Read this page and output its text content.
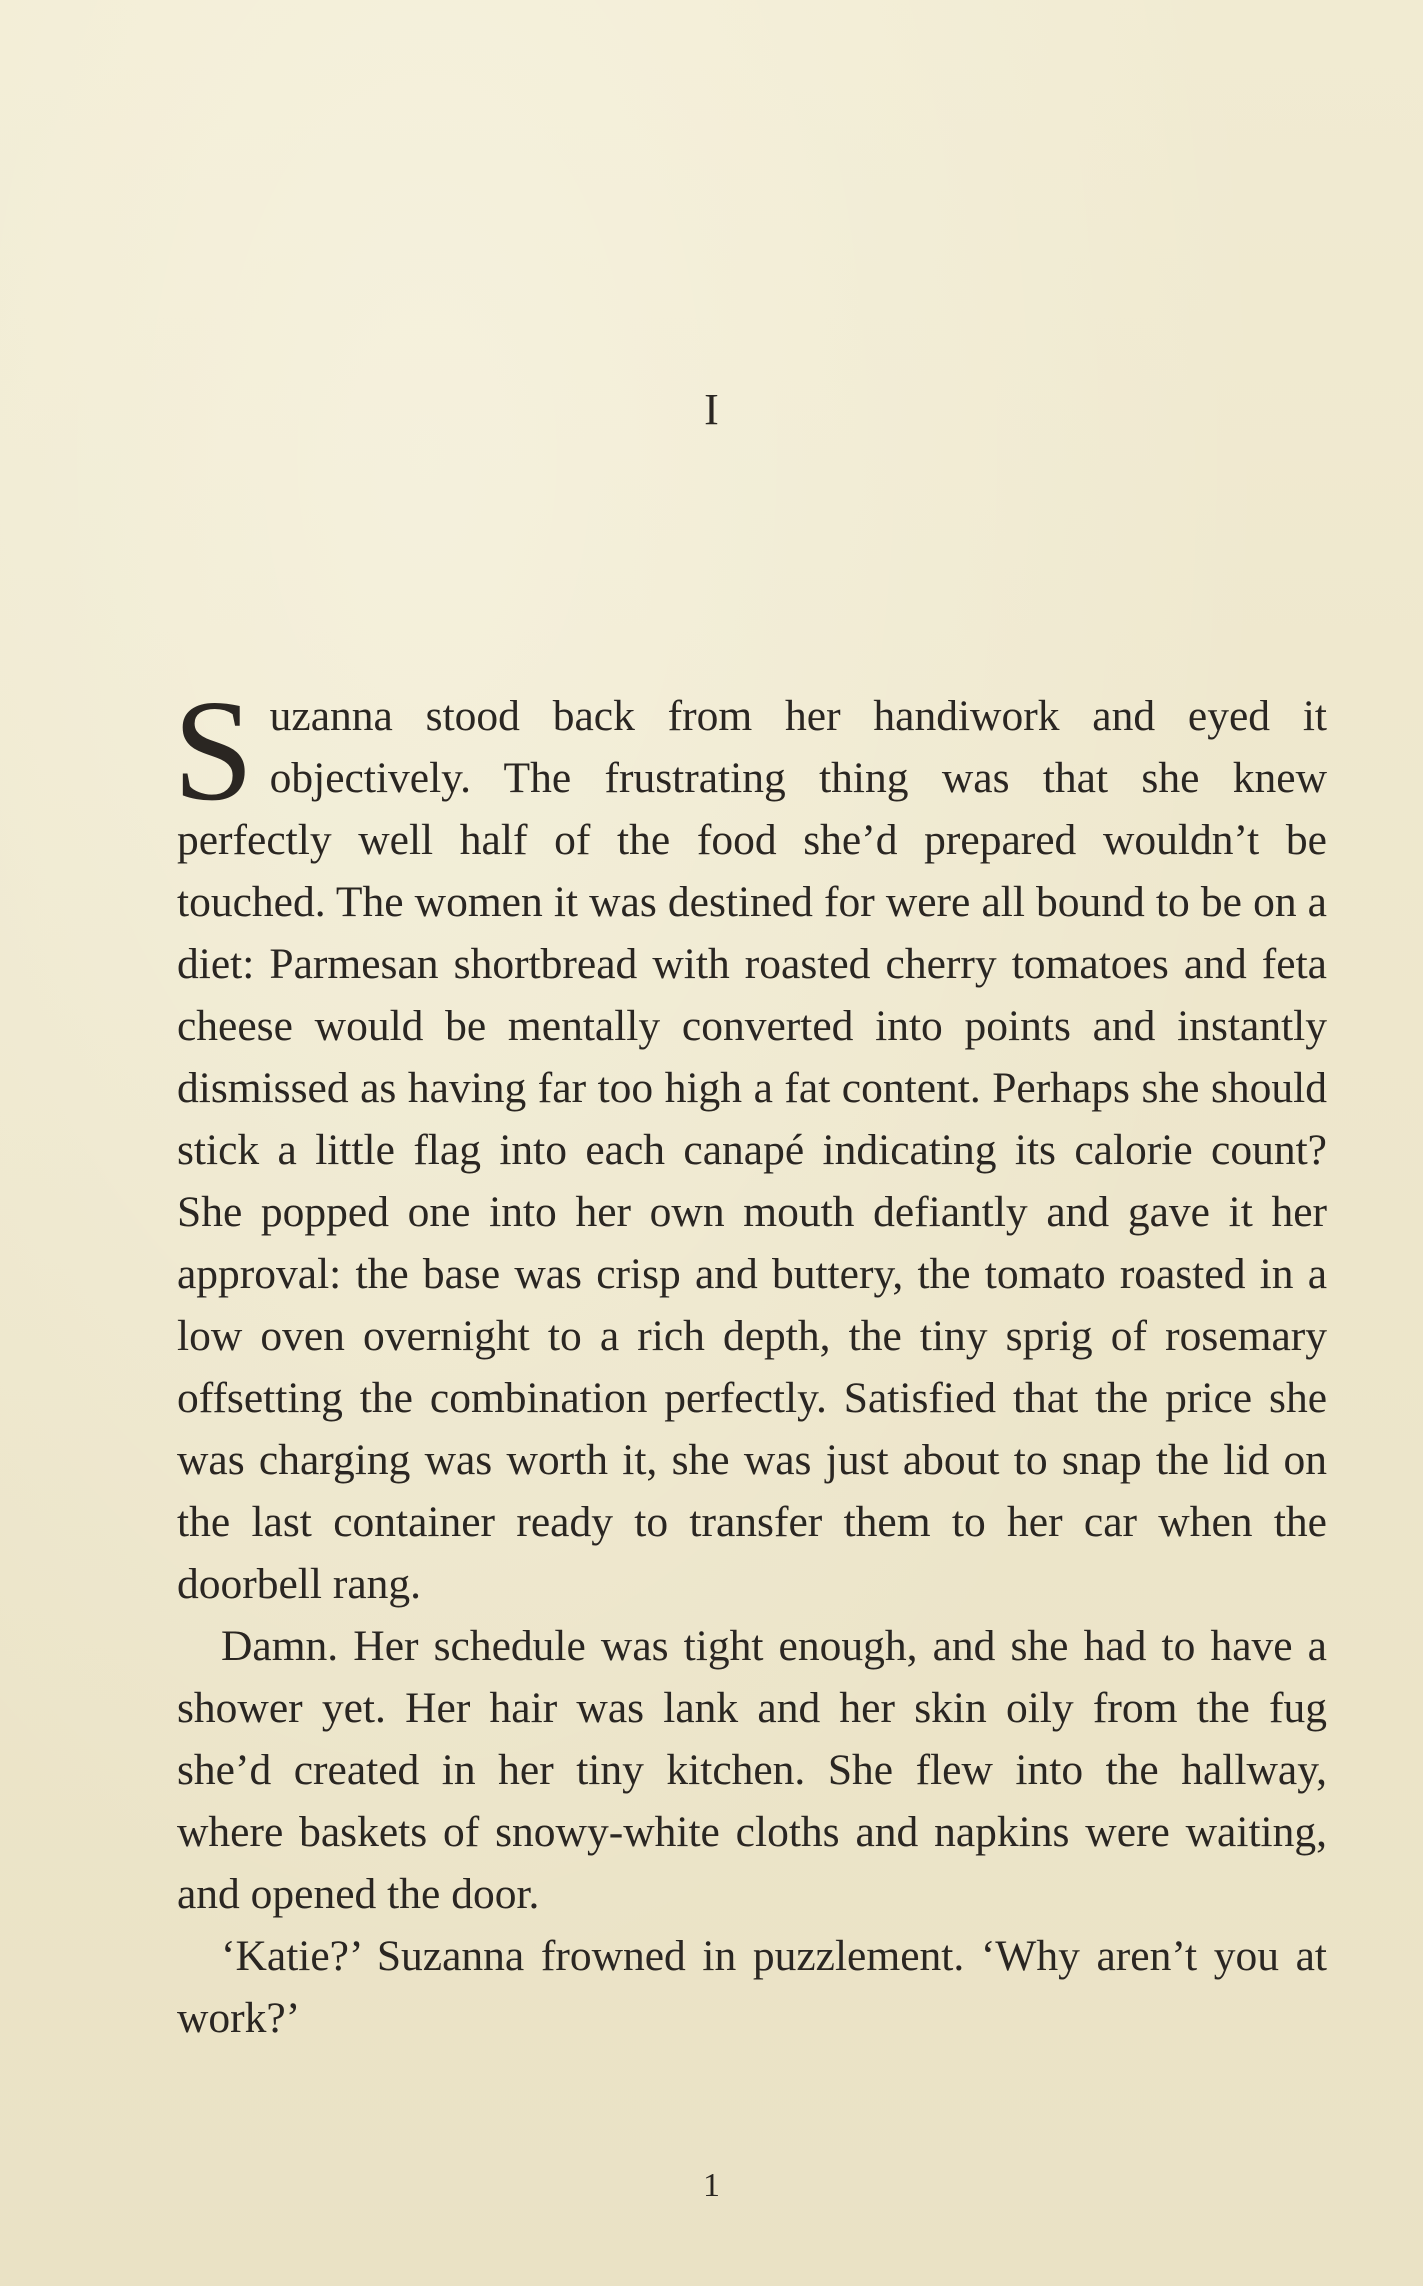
I

Suzanna stood back from her handiwork and eyed it objectively. The frustrating thing was that she knew perfectly well half of the food she’d prepared wouldn’t be touched. The women it was destined for were all bound to be on a diet: Parmesan shortbread with roasted cherry tomatoes and feta cheese would be mentally converted into points and instantly dismissed as having far too high a fat content. Perhaps she should stick a little flag into each canapé indicating its calorie count? She popped one into her own mouth defiantly and gave it her approval: the base was crisp and buttery, the tomato roasted in a low oven overnight to a rich depth, the tiny sprig of rosemary offsetting the combination perfectly. Satisfied that the price she was charging was worth it, she was just about to snap the lid on the last container ready to transfer them to her car when the doorbell rang.

Damn. Her schedule was tight enough, and she had to have a shower yet. Her hair was lank and her skin oily from the fug she’d created in her tiny kitchen. She flew into the hallway, where baskets of snowy-white cloths and napkins were waiting, and opened the door.

‘Katie?’ Suzanna frowned in puzzlement. ‘Why aren’t you at work?’

1
